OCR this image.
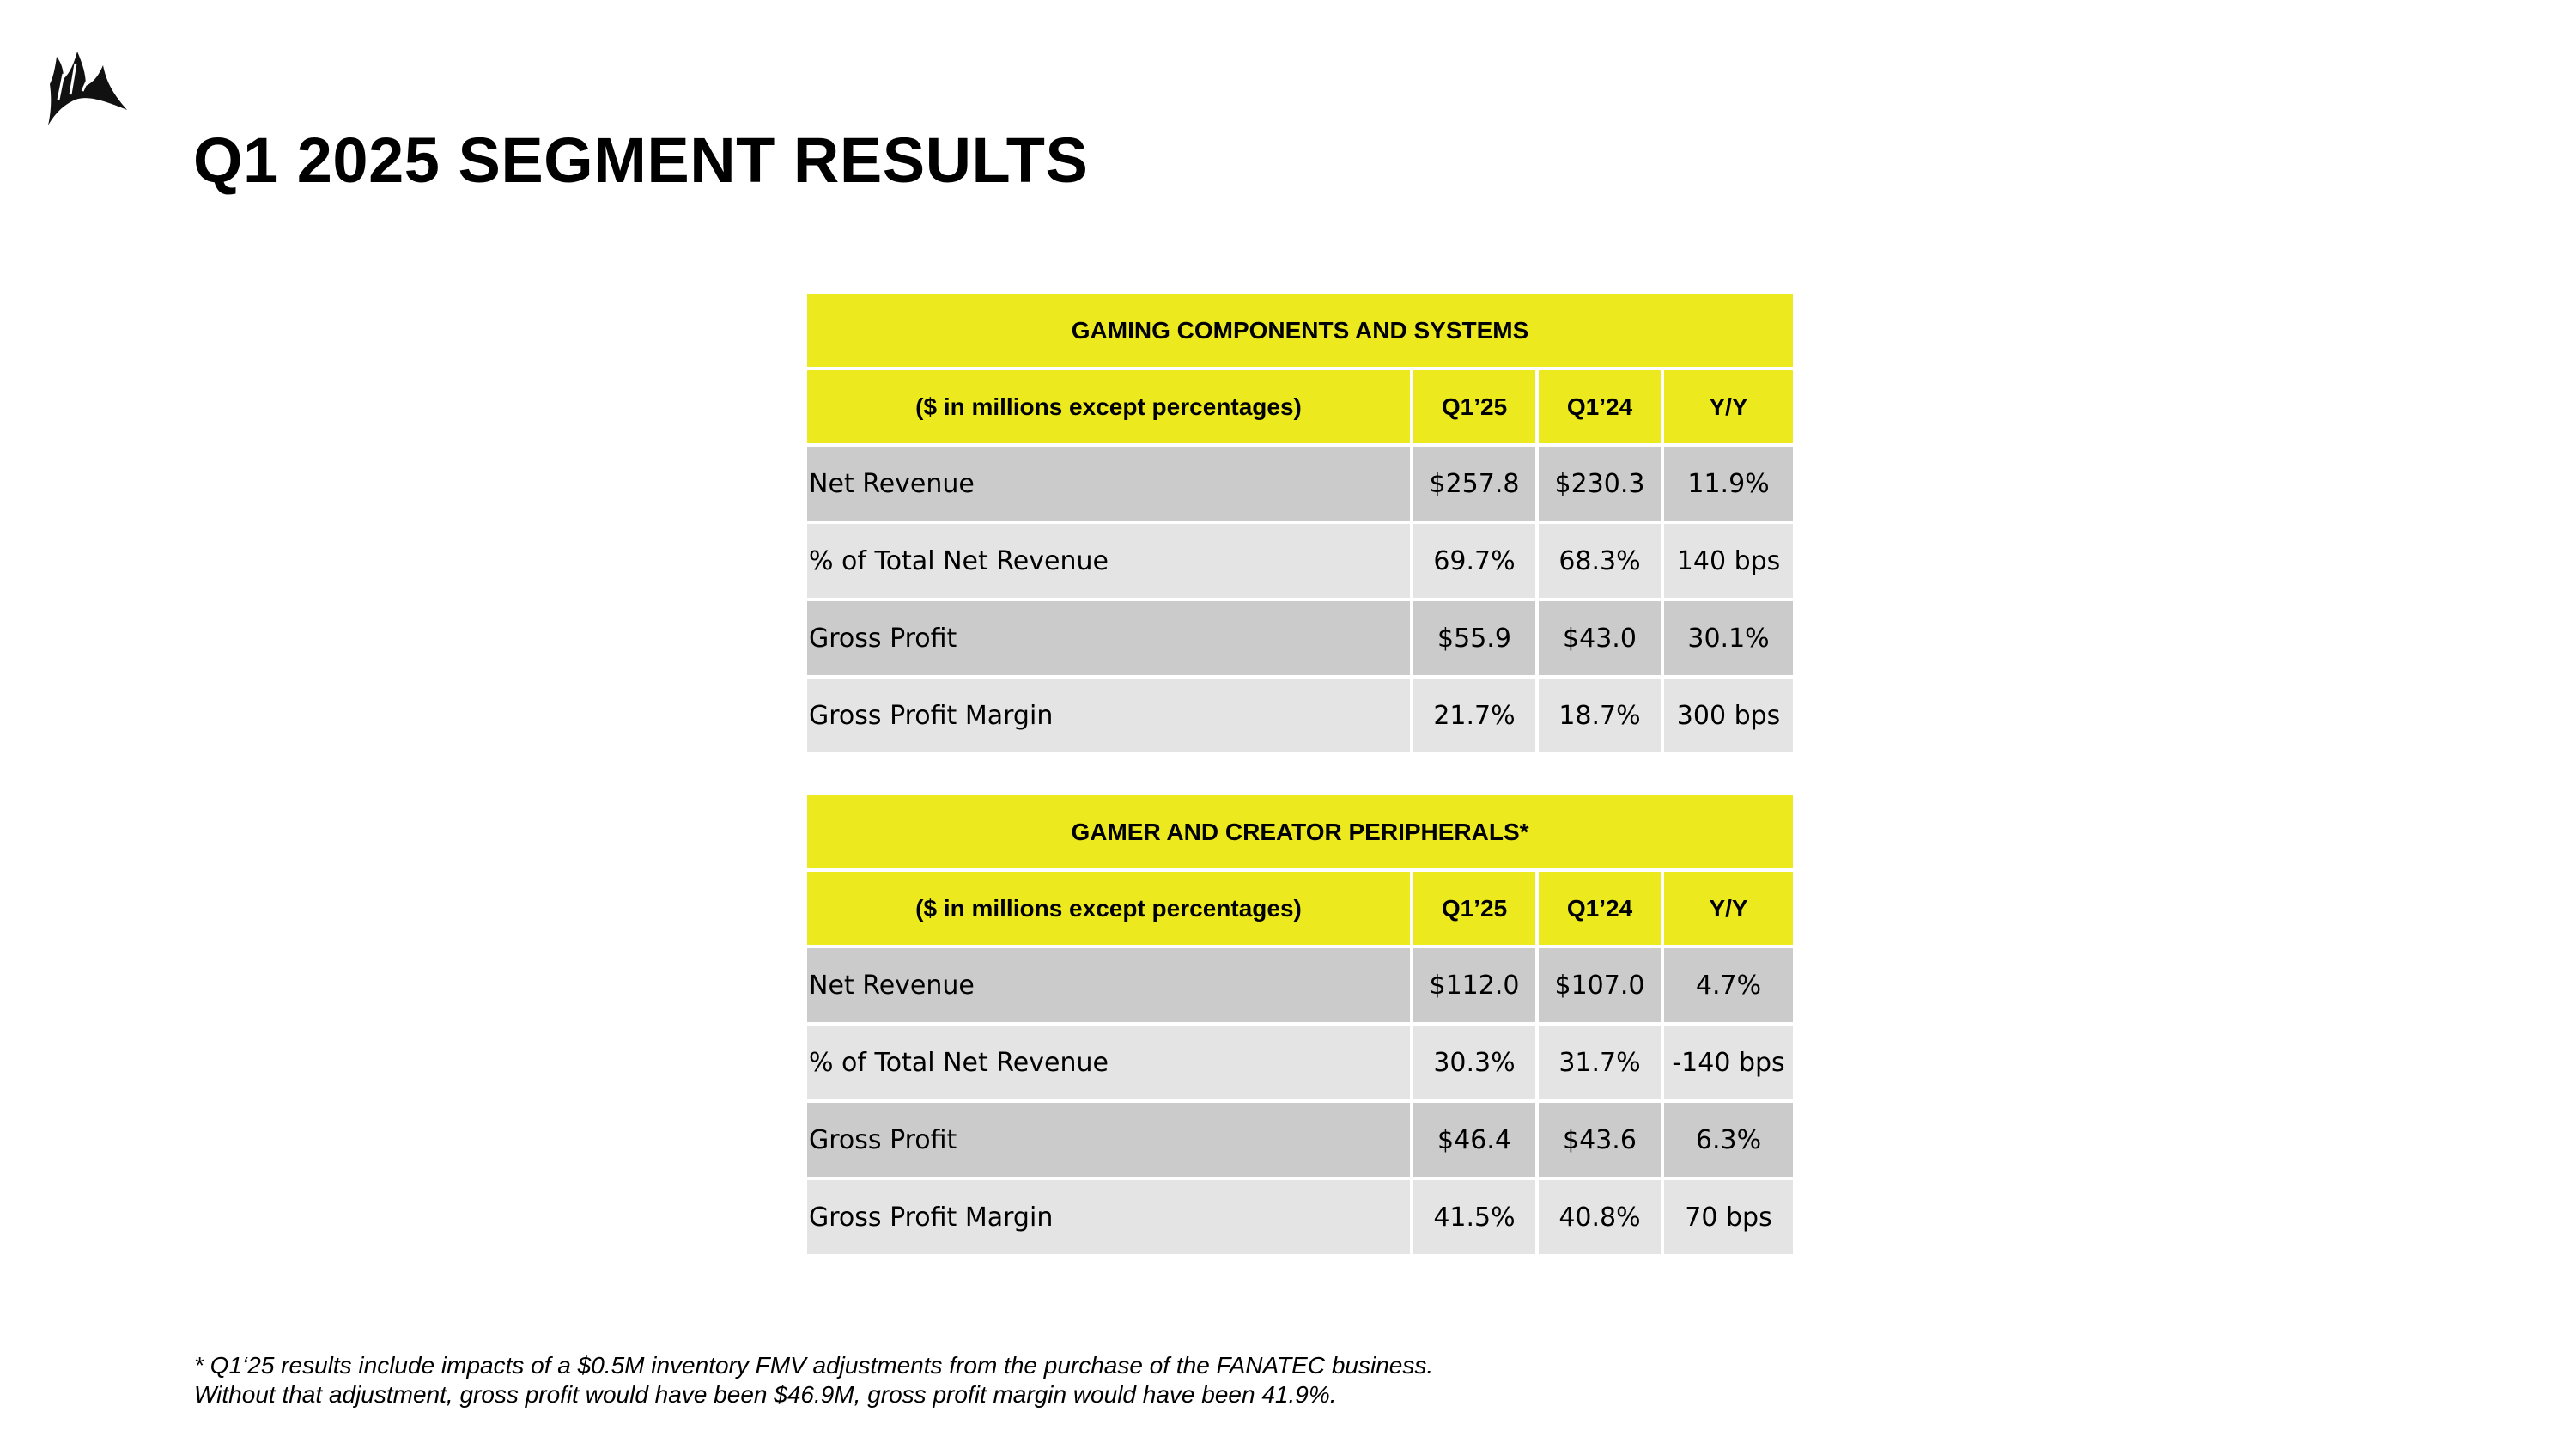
Q1 2025 SEGMENT RESULTS
GAMING COMPONENTS AND SYSTEMS			
($ in millions except percentages)	Q1’25	Q1’24	Y/Y
Net Revenue	$257.8	$230.3	11.9%
% of Total Net Revenue	69.7%	68.3%	140 bps
Gross Profit	$55.9	$43.0	30.1%
Gross Profit Margin	21.7%	18.7%	300 bps
GAMER AND CREATOR PERIPHERALS*			
($ in millions except percentages)	Q1’25	Q1’24	Y/Y
Net Revenue	$112.0	$107.0	4.7%
% of Total Net Revenue	30.3%	31.7%	-140 bps
Gross Profit	$46.4	$43.6	6.3%
Gross Profit Margin	41.5%	40.8%	70 bps
* Q1‘25 results include impacts of a $0.5M inventory FMV adjustments from the purchase of the FANATEC business.
Without that adjustment, gross profit would have been $46.9M, gross profit margin would have been 41.9%.
